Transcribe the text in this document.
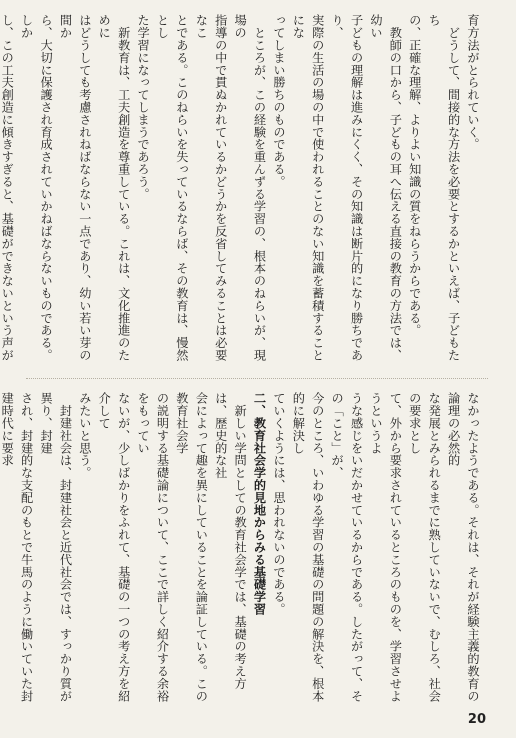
育方法がとられていく。

　どうして、間接的な方法を必要とするかといえば、子どもたち

の、正確な理解、よりよい知識の質をねらうからである。

　教師の口から、子どもの耳へ伝える直接の教育の方法では、幼い

子どもの理解は進みにくく、その知識は断片的になり勝ちであり、

実際の生活の場の中で使われることのない知識を蓄積することにな

ってしまい勝ちのものである。

　ところが、この経験を重んずる学習の、根本のねらいが、現場の

指導の中で貫ぬかれているかどうかを反省してみることは必要なこ

とである。このねらいを失っているならば、その教育は、慢然とし

た学習になってしまうであろう。

　新教育は、工夫創造を尊重している。これは、文化推進のために

はどうしても考慮されねばならない一点であり、幼い若い芽の間か

ら、大切に保護され育成されていかねばならないものである。しか

し、この工夫創造に傾きすぎると、基礎ができないという声が

なかったようである。それは、それが経験主義的教育の論理の必然的

な発展とみられるまでに熟していないで、むしろ、社会の要求とし

て、外から要求されているところのものを、学習させようというよ

うな感じをいだかせているからである。したがって、その「こと」が、

今のところ、いわゆる学習の基礎の問題の解決を、根本的に解決し

ていくようには、思われないのである。

二、教育社会学的見地からみる基礎学習

　新しい学問としての教育社会学では、基礎の考え方は、歴史的な社

会によって趣を異にしていることを論証している。この教育社会学

の説明する基礎論について、ここで詳しく紹介する余裕をもってい

ないが、少しばかりをふれて、基礎の一つの考え方を紹介して

みたいと思う。

　封建社会は、封建社会と近代社会では、すっかり質が異り、封建

され、封建的な支配のもとで牛馬のように働いていた封建時代に要求

20
